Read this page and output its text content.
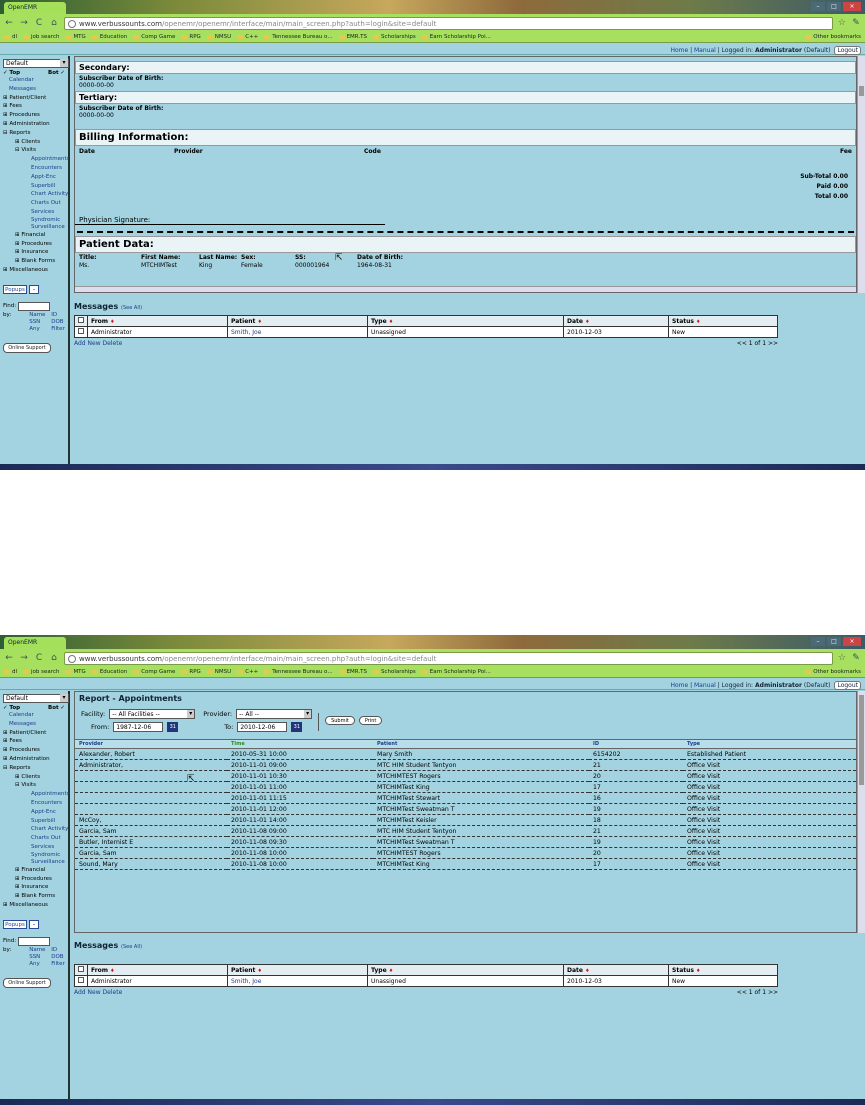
OpenEMR	–	□	×
← → C ⌂	www.verbussounts.com/openemr/openemr/interface/main/main_screen.php?auth=login&site=default	☆ ✎
dl	job search	MTG	Education	Comp Game	RPG	NMSU	C++	Tennessee Bureau o...	EMR.TS	Scholarships	Earn Scholarship Poi...	Other bookmarks
Home | Manual | Logged in: Administrator (Default) Logout
Default ▾
✓ Top	Bot ✓
Calendar
Messages
⊞ Patient/Client
⊞ Fees
⊞ Procedures
⊞ Administration
⊟ Reports
⊞ Clients
⊟ Visits
Appointments
Encounters
Appt-Enc
Superbill
Chart Activity
Charts Out
Services
Syndromic Surveillance
⊞ Financial
⊞ Procedures
⊞ Insurance
⊞ Blank Forms
⊞ Miscellaneous
Popups	-
Find:
by:	Name	ID
SSN	DOB
Any	Filter
Online Support
Secondary:
Subscriber Date of Birth:
0000-00-00
Tertiary:
Subscriber Date of Birth:
0000-00-00
Billing Information:
Date	Provider	Code	Fee
Sub-Total 0.00
Paid 0.00
Total 0.00
Physician Signature:
Patient Data:
Title:	First Name:	Last Name: Sex:	SS:	Date of Birth:
Ms.	MTCHIMTest	King	Female	000001964	1964-08-31
⇱
Messages (See All)
	From ♦	Patient ♦	Type ♦	Date ♦	Status ♦
	Administrator	Smith, Joe	Unassigned	2010-12-03	New
Add New Delete	<< 1 of 1 >>
OpenEMR	–	□	×
← → C ⌂	www.verbussounts.com/openemr/openemr/interface/main/main_screen.php?auth=login&site=default	☆ ✎
dl	job search	MTG	Education	Comp Game	RPG	NMSU	C++	Tennessee Bureau o...	EMR.TS	Scholarships	Earn Scholarship Poi...	Other bookmarks
Home | Manual | Logged in: Administrator (Default) Logout
Default ▾
✓ Top	Bot ✓
Calendar
Messages
⊞ Patient/Client
⊞ Fees
⊞ Procedures
⊞ Administration
⊟ Reports
⊞ Clients
⊟ Visits
Appointments
Encounters
Appt-Enc
Superbill
Chart Activity
Charts Out
Services
Syndromic Surveillance
⊞ Financial
⊞ Procedures
⊞ Insurance
⊞ Blank Forms
⊞ Miscellaneous
Popups	-
Find:
by:	Name	ID
SSN	DOB
Any	Filter
Online Support
Report - Appointments
Facility:	-- All Facilities -- ▾	Provider:	-- All -- ▾
From:	1987-12-06	31	To:	2010-12-06	31
Submit	Print
Provider	Time	Patient	ID	Type
Alexander, Robert	2010-05-31 10:00	Mary Smith	6154202	Established Patient
Administrator,	2010-11-01 09:00	MTC HIM Student Tentyon	21	Office Visit
	2010-11-01 10:30	MTCHIMTEST Rogers	20	Office Visit
	2010-11-01 11:00	MTCHIMTest King	17	Office Visit
	2010-11-01 11:15	MTCHIMTest Stewart	16	Office Visit
	2010-11-01 12:00	MTCHIMTest Sweatman T	19	Office Visit
McCoy,	2010-11-01 14:00	MTCHIMTest Keisler	18	Office Visit
Garcia, Sam	2010-11-08 09:00	MTC HIM Student Tentyon	21	Office Visit
Butler, Internist E	2010-11-08 09:30	MTCHIMTest Sweatman T	19	Office Visit
Garcia, Sam	2010-11-08 10:00	MTCHIMTEST Rogers	20	Office Visit
Sound, Mary	2010-11-08 10:00	MTCHIMTest King	17	Office Visit
⇱
Messages (See All)
	From ♦	Patient ♦	Type ♦	Date ♦	Status ♦
	Administrator	Smith, Joe	Unassigned	2010-12-03	New
Add New Delete	<< 1 of 1 >>
